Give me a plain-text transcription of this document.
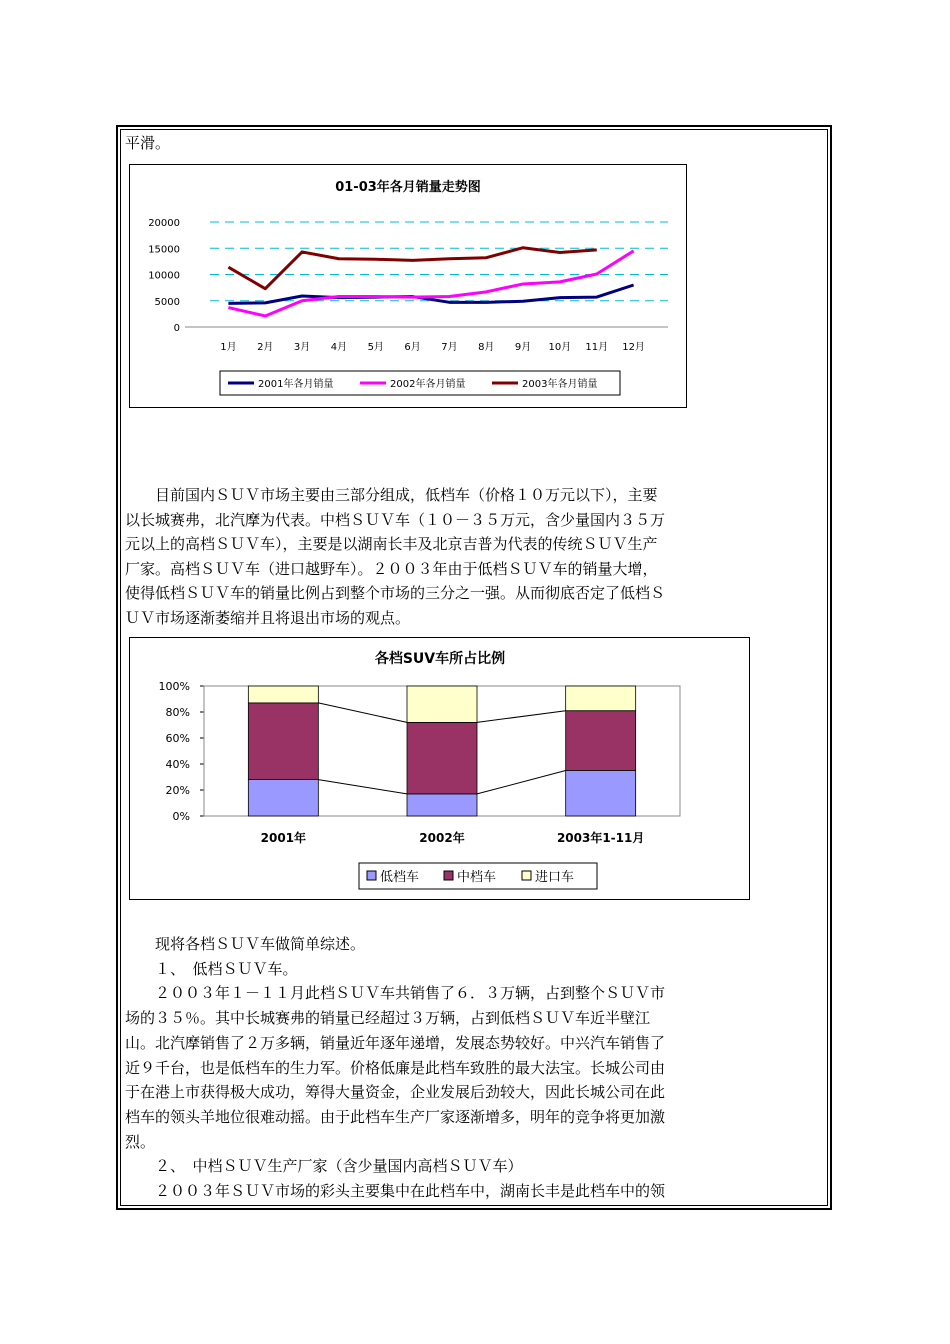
平滑。
01-03年各月销量走势图
0
5000
10000
15000
20000
1月 2月 3月 4月 5月 6月 7月 8月 9月 10月 11月 12月
2001年各月销量	2002年各月销量	2003年各月销量
　　目前国内ＳＵＶ市场主要由三部分组成，低档车（价格１０万元以下），主要
以长城赛弗，北汽摩为代表。中档ＳＵＶ车（１０－３５万元，含少量国内３５万
元以上的高档ＳＵＶ车），主要是以湖南长丰及北京吉普为代表的传统ＳＵＶ生产
厂家。高档ＳＵＶ车（进口越野车）。２００３年由于低档ＳＵＶ车的销量大增，
使得低档ＳＵＶ车的销量比例占到整个市场的三分之一强。从而彻底否定了低档Ｓ
ＵＶ市场逐渐萎缩并且将退出市场的观点。
各档SUV车所占比例
0%
20%
40%
60%
80%
100%
2001年	2002年	2003年1-11月
低档车	中档车	进口车
　　现将各档ＳＵＶ车做简单综述。
　　１、　低档ＳＵＶ车。
　　２００３年１－１１月此档ＳＵＶ车共销售了６．３万辆，占到整个ＳＵＶ市
场的３５％。其中长城赛弗的销量已经超过３万辆，占到低档ＳＵＶ车近半壁江
山。北汽摩销售了２万多辆，销量近年逐年递增，发展态势较好。中兴汽车销售了
近９千台，也是低档车的生力军。价格低廉是此档车致胜的最大法宝。长城公司由
于在港上市获得极大成功，筹得大量资金，企业发展后劲较大，因此长城公司在此
档车的领头羊地位很难动摇。由于此档车生产厂家逐渐增多，明年的竞争将更加激
烈。
　　２、　中档ＳＵＶ生产厂家（含少量国内高档ＳＵＶ车）
　　２００３年ＳＵＶ市场的彩头主要集中在此档车中，湖南长丰是此档车中的领
